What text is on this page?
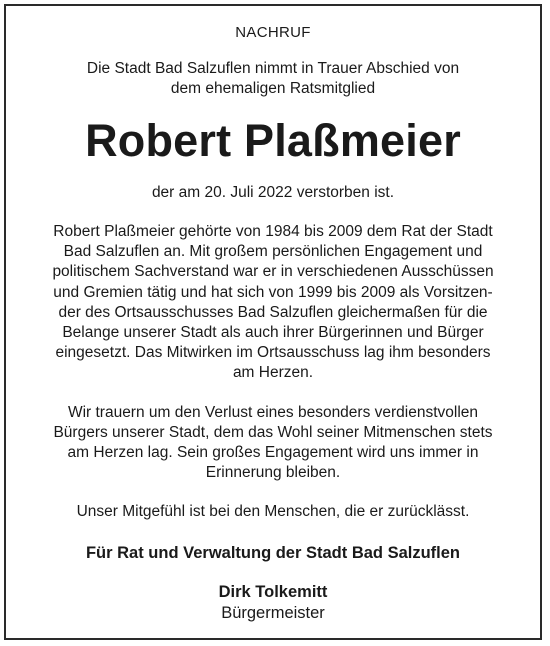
NACHRUF
Die Stadt Bad Salzuflen nimmt in Trauer Abschied von
dem ehemaligen Ratsmitglied
Robert Plaßmeier
der am 20. Juli 2022 verstorben ist.
Robert Plaßmeier gehörte von 1984 bis 2009 dem Rat der Stadt
Bad Salzuflen an. Mit großem persönlichen Engagement und
politischem Sachverstand war er in verschiedenen Ausschüssen
und Gremien tätig und hat sich von 1999 bis 2009 als Vorsitzen-
der des Ortsausschusses Bad Salzuflen gleichermaßen für die
Belange unserer Stadt als auch ihrer Bürgerinnen und Bürger
eingesetzt. Das Mitwirken im Ortsausschuss lag ihm besonders
am Herzen.
Wir trauern um den Verlust eines besonders verdienstvollen
Bürgers unserer Stadt, dem das Wohl seiner Mitmenschen stets
am Herzen lag. Sein großes Engagement wird uns immer in
Erinnerung bleiben.
Unser Mitgefühl ist bei den Menschen, die er zurücklässt.
Für Rat und Verwaltung der Stadt Bad Salzuflen
Dirk Tolkemitt
Bürgermeister
